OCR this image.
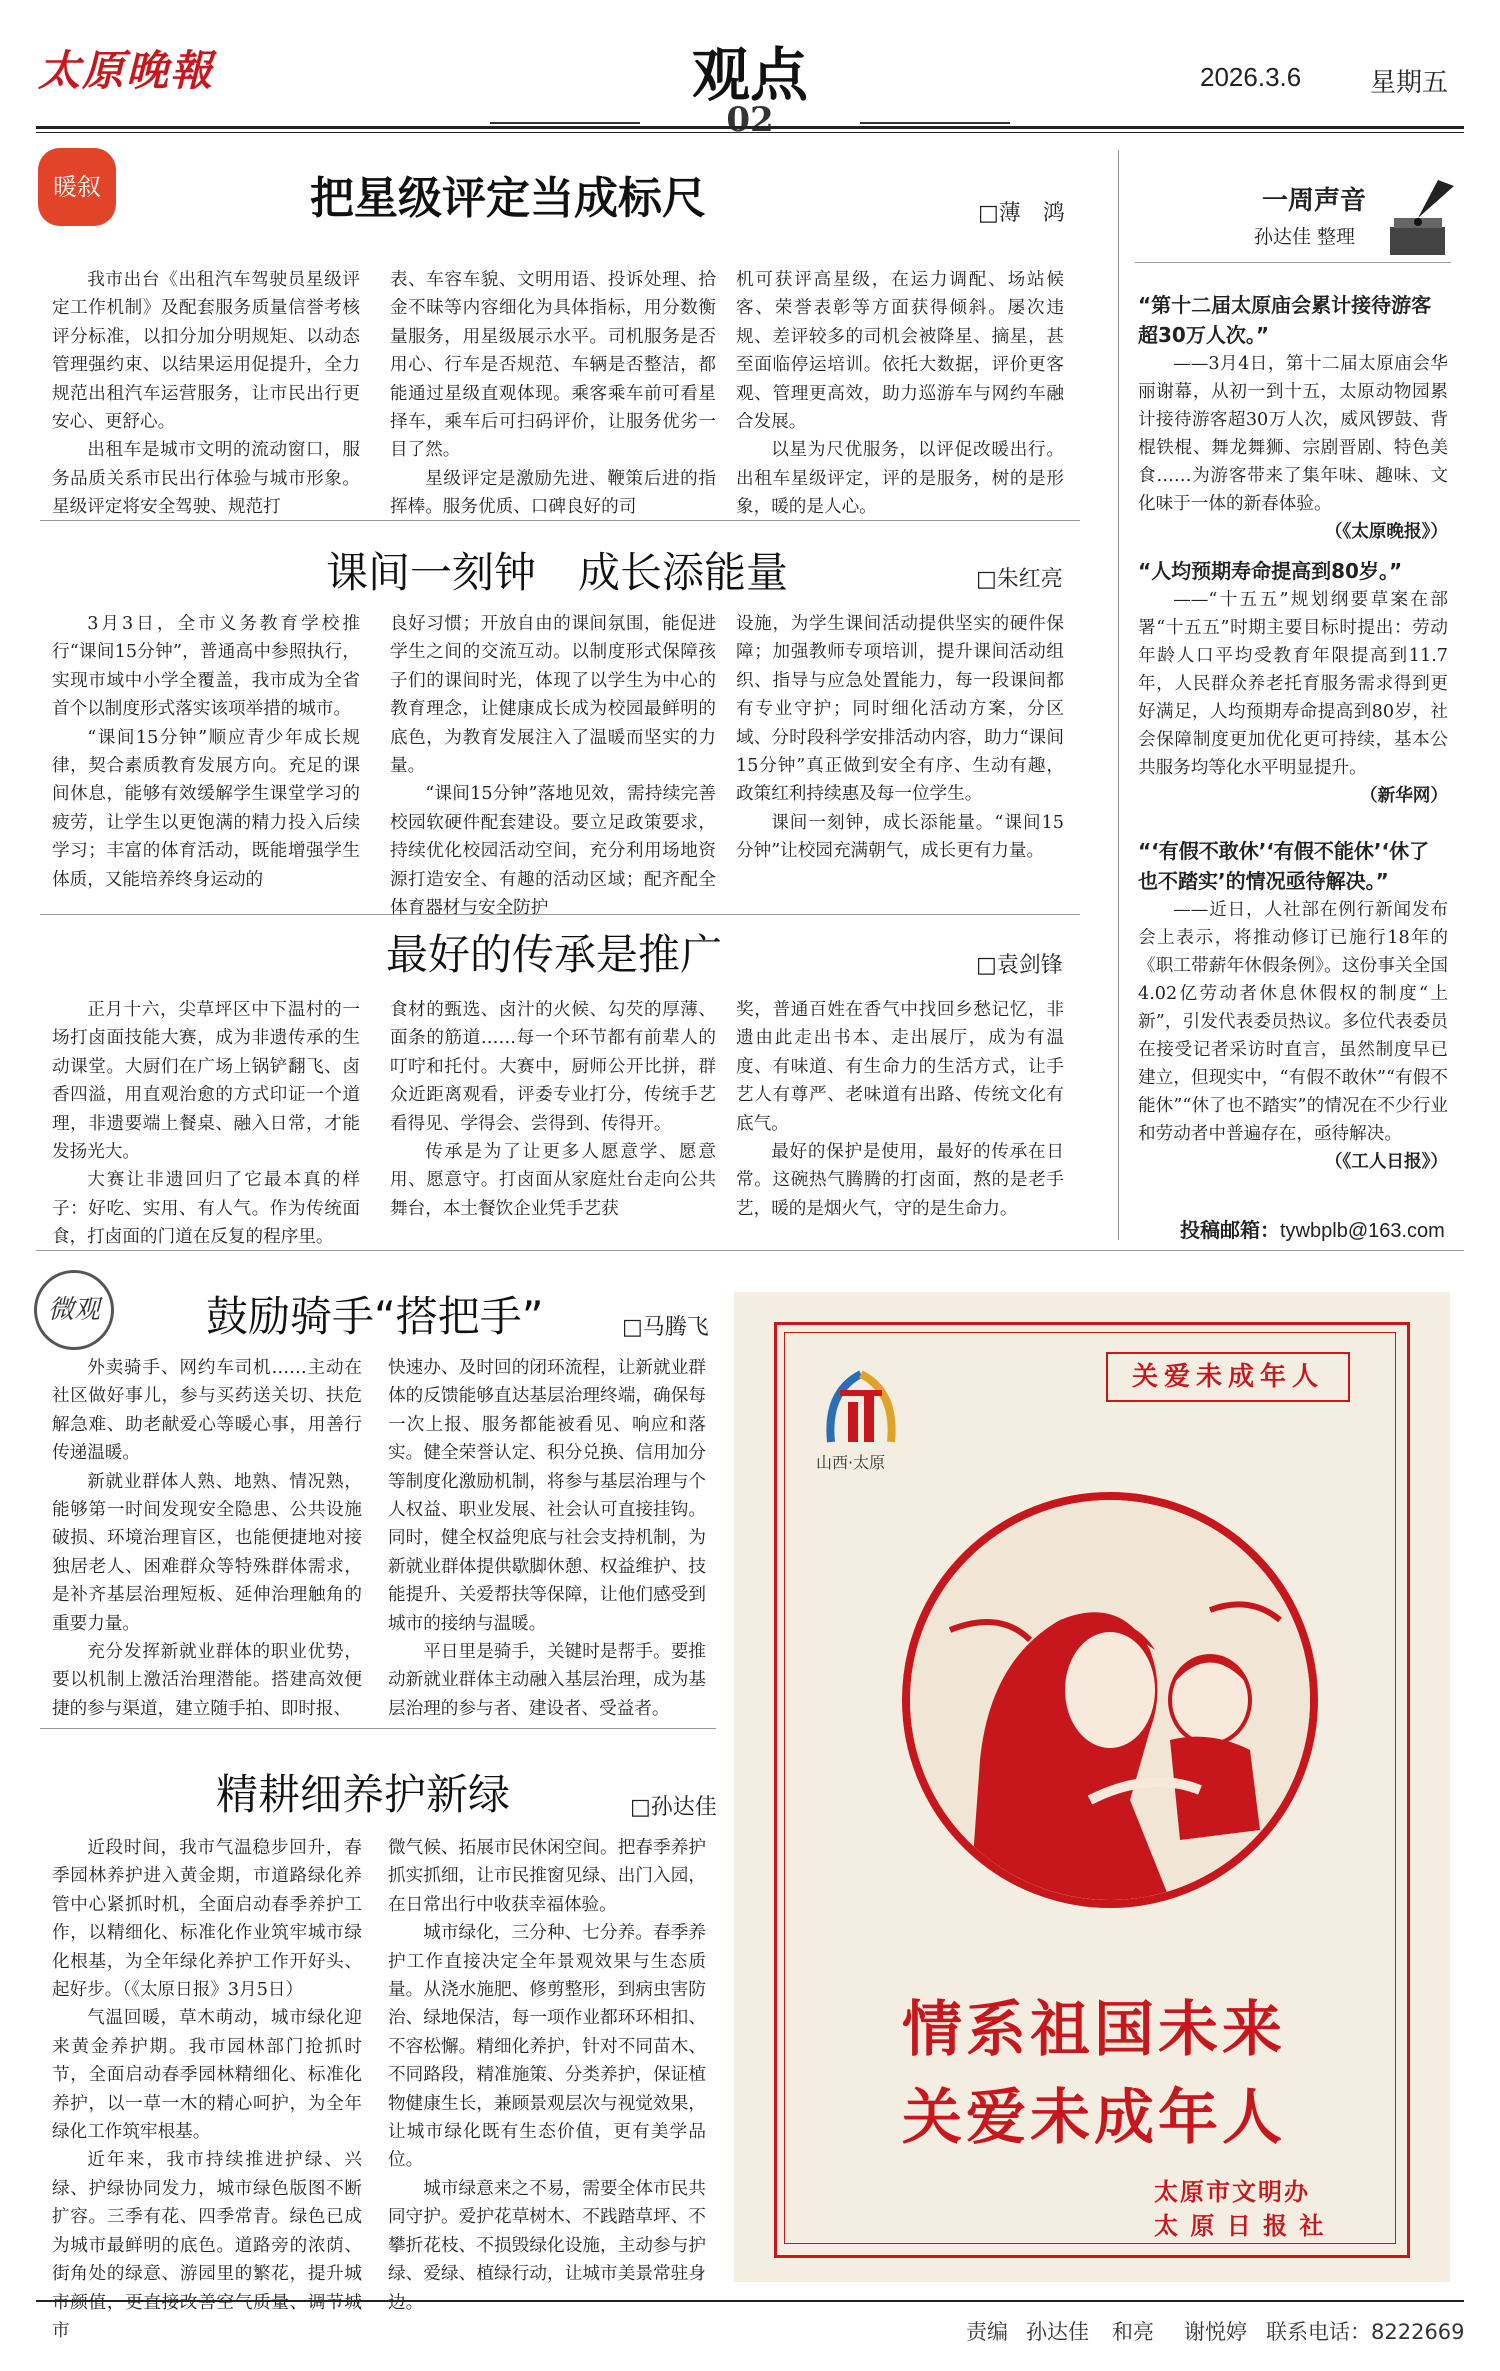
太原晚報	观点
02
2026.3.6	星期五
暖叙	把星级评定当成标尺	□薄　鸿

我市出台《出租汽车驾驶员星级评定工作机制》及配套服务质量信誉考核评分标准，以扣分加分明规矩、以动态管理强约束、以结果运用促提升，全力规范出租汽车运营服务，让市民出行更安心、更舒心。

出租车是城市文明的流动窗口，服务品质关系市民出行体验与城市形象。星级评定将安全驾驶、规范打

表、车容车貌、文明用语、投诉处理、拾金不昧等内容细化为具体指标，用分数衡量服务，用星级展示水平。司机服务是否用心、行车是否规范、车辆是否整洁，都能通过星级直观体现。乘客乘车前可看星择车，乘车后可扫码评价，让服务优劣一目了然。

星级评定是激励先进、鞭策后进的指挥棒。服务优质、口碑良好的司

机可获评高星级，在运力调配、场站候客、荣誉表彰等方面获得倾斜。屡次违规、差评较多的司机会被降星、摘星，甚至面临停运培训。依托大数据，评价更客观、管理更高效，助力巡游车与网约车融合发展。

以星为尺优服务，以评促改暖出行。出租车星级评定，评的是服务，树的是形象，暖的是人心。

课间一刻钟　成长添能量	□朱红亮

3月3日，全市义务教育学校推行“课间15分钟”，普通高中参照执行，实现市域中小学全覆盖，我市成为全省首个以制度形式落实该项举措的城市。

“课间15分钟”顺应青少年成长规律，契合素质教育发展方向。充足的课间休息，能够有效缓解学生课堂学习的疲劳，让学生以更饱满的精力投入后续学习；丰富的体育活动，既能增强学生体质，又能培养终身运动的

良好习惯；开放自由的课间氛围，能促进学生之间的交流互动。以制度形式保障孩子们的课间时光，体现了以学生为中心的教育理念，让健康成长成为校园最鲜明的底色，为教育发展注入了温暖而坚实的力量。

“课间15分钟”落地见效，需持续完善校园软硬件配套建设。要立足政策要求，持续优化校园活动空间，充分利用场地资源打造安全、有趣的活动区域；配齐配全体育器材与安全防护

设施，为学生课间活动提供坚实的硬件保障；加强教师专项培训，提升课间活动组织、指导与应急处置能力，每一段课间都有专业守护；同时细化活动方案，分区域、分时段科学安排活动内容，助力“课间15分钟”真正做到安全有序、生动有趣，政策红利持续惠及每一位学生。

课间一刻钟，成长添能量。“课间15分钟”让校园充满朝气，成长更有力量。

最好的传承是推广	□袁剑锋

正月十六，尖草坪区中下温村的一场打卤面技能大赛，成为非遗传承的生动课堂。大厨们在广场上锅铲翻飞、卤香四溢，用直观治愈的方式印证一个道理，非遗要端上餐桌、融入日常，才能发扬光大。

大赛让非遗回归了它最本真的样子：好吃、实用、有人气。作为传统面食，打卤面的门道在反复的程序里。

食材的甄选、卤汁的火候、勾芡的厚薄、面条的筋道……每一个环节都有前辈人的叮咛和托付。大赛中，厨师公开比拼，群众近距离观看，评委专业打分，传统手艺看得见、学得会、尝得到、传得开。

传承是为了让更多人愿意学、愿意用、愿意守。打卤面从家庭灶台走向公共舞台，本土餐饮企业凭手艺获

奖，普通百姓在香气中找回乡愁记忆，非遗由此走出书本、走出展厅，成为有温度、有味道、有生命力的生活方式，让手艺人有尊严、老味道有出路、传统文化有底气。

最好的保护是使用，最好的传承在日常。这碗热气腾腾的打卤面，熬的是老手艺，暖的是烟火气，守的是生命力。

一周声音
孙达佳 整理
“第十二届太原庙会累计接待游客超30万人次。”

——3月4日，第十二届太原庙会华丽谢幕，从初一到十五，太原动物园累计接待游客超30万人次，威风锣鼓、背棍铁棍、舞龙舞狮、宗剧晋剧、特色美食……为游客带来了集年味、趣味、文化味于一体的新春体验。

（《太原晚报》）
“人均预期寿命提高到80岁。”

——“十五五”规划纲要草案在部署“十五五”时期主要目标时提出：劳动年龄人口平均受教育年限提高到11.7年，人民群众养老托育服务需求得到更好满足，人均预期寿命提高到80岁，社会保障制度更加优化更可持续，基本公共服务均等化水平明显提升。

（新华网）
“‘有假不敢休’‘有假不能休’‘休了也不踏实’的情况亟待解决。”

——近日，人社部在例行新闻发布会上表示，将推动修订已施行18年的《职工带薪年休假条例》。这份事关全国4.02亿劳动者休息休假权的制度“上新”，引发代表委员热议。多位代表委员在接受记者采访时直言，虽然制度早已建立，但现实中，“有假不敢休”“有假不能休”“休了也不踏实”的情况在不少行业和劳动者中普遍存在，亟待解决。

（《工人日报》）
投稿邮箱：tywbplb@163.com
微观	鼓励骑手“搭把手”	□马腾飞

外卖骑手、网约车司机……主动在社区做好事儿，参与买药送关切、扶危解急难、助老献爱心等暖心事，用善行传递温暖。

新就业群体人熟、地熟、情况熟，能够第一时间发现安全隐患、公共设施破损、环境治理盲区，也能便捷地对接独居老人、困难群众等特殊群体需求，是补齐基层治理短板、延伸治理触角的重要力量。

充分发挥新就业群体的职业优势，要以机制上激活治理潜能。搭建高效便捷的参与渠道，建立随手拍、即时报、

快速办、及时回的闭环流程，让新就业群体的反馈能够直达基层治理终端，确保每一次上报、服务都能被看见、响应和落实。健全荣誉认定、积分兑换、信用加分等制度化激励机制，将参与基层治理与个人权益、职业发展、社会认可直接挂钩。同时，健全权益兜底与社会支持机制，为新就业群体提供歇脚休憩、权益维护、技能提升、关爱帮扶等保障，让他们感受到城市的接纳与温暖。

平日里是骑手，关键时是帮手。要推动新就业群体主动融入基层治理，成为基层治理的参与者、建设者、受益者。

精耕细养护新绿	□孙达佳

近段时间，我市气温稳步回升，春季园林养护进入黄金期，市道路绿化养管中心紧抓时机，全面启动春季养护工作，以精细化、标准化作业筑牢城市绿化根基，为全年绿化养护工作开好头、起好步。（《太原日报》3月5日）

气温回暖，草木萌动，城市绿化迎来黄金养护期。我市园林部门抢抓时节，全面启动春季园林精细化、标准化养护，以一草一木的精心呵护，为全年绿化工作筑牢根基。

近年来，我市持续推进护绿、兴绿、护绿协同发力，城市绿色版图不断扩容。三季有花、四季常青。绿色已成为城市最鲜明的底色。道路旁的浓荫、街角处的绿意、游园里的繁花，提升城市颜值，更直接改善空气质量、调节城市

微气候、拓展市民休闲空间。把春季养护抓实抓细，让市民推窗见绿、出门入园，在日常出行中收获幸福体验。

城市绿化，三分种、七分养。春季养护工作直接决定全年景观效果与生态质量。从浇水施肥、修剪整形，到病虫害防治、绿地保洁，每一项作业都环环相扣、不容松懈。精细化养护，针对不同苗木、不同路段，精准施策、分类养护，保证植物健康生长，兼顾景观层次与视觉效果，让城市绿化既有生态价值，更有美学品位。

城市绿意来之不易，需要全体市民共同守护。爱护花草树木、不践踏草坪、不攀折花枝、不损毁绿化设施，主动参与护绿、爱绿、植绿行动，让城市美景常驻身边。

山西·太原
关爱未成年人
情系祖国未来
关爱未成年人
太原市文明办
太 原 日 报 社
责编 孙达佳 和亮 谢悦婷 联系电话：8222669
